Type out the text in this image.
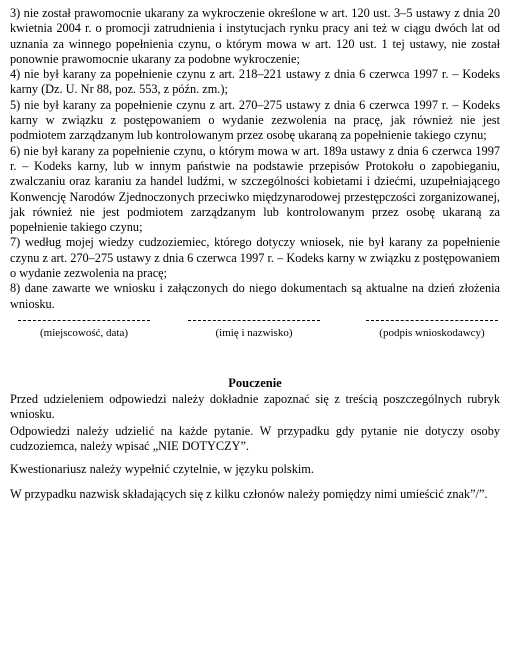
3) nie został prawomocnie ukarany za wykroczenie określone w art. 120 ust. 3–5 ustawy z dnia 20 kwietnia 2004 r. o promocji zatrudnienia i instytucjach rynku pracy ani też w ciągu dwóch lat od uznania za winnego popełnienia czynu, o którym mowa w art. 120 ust. 1 tej ustawy, nie został ponownie prawomocnie ukarany za podobne wykroczenie;

4) nie był karany za popełnienie czynu z art. 218–221 ustawy z dnia 6 czerwca 1997 r. – Kodeks karny (Dz. U. Nr 88, poz. 553, z późn. zm.);

5) nie był karany za popełnienie czynu z art. 270–275 ustawy z dnia 6 czerwca 1997 r. – Kodeks karny w związku z postępowaniem o wydanie zezwolenia na pracę, jak również nie jest podmiotem zarządzanym lub kontrolowanym przez osobę ukaraną za popełnienie takiego czynu;

6) nie był karany za popełnienie czynu, o którym mowa w art. 189a ustawy z dnia 6 czerwca 1997 r. – Kodeks karny, lub w innym państwie na podstawie przepisów Protokołu o zapobieganiu, zwalczaniu oraz karaniu za handel ludźmi, w szczególności kobietami i dziećmi, uzupełniającego Konwencję Narodów Zjednoczonych przeciwko międzynarodowej przestępczości zorganizowanej, jak również nie jest podmiotem zarządzanym lub kontrolowanym przez osobę ukaraną za popełnienie takiego czynu;

7) według mojej wiedzy cudzoziemiec, którego dotyczy wniosek, nie był karany za popełnienie czynu z art. 270–275 ustawy z dnia 6 czerwca 1997 r. – Kodeks karny w związku z postępowaniem o wydanie zezwolenia na pracę;

8) dane zawarte we wniosku i załączonych do niego dokumentach są aktualne na dzień złożenia wniosku.

(miejscowość, data)	(imię i nazwisko)	(podpis wnioskodawcy)
Pouczenie

Przed udzieleniem odpowiedzi należy dokładnie zapoznać się z treścią poszczególnych rubryk wniosku.

Odpowiedzi należy udzielić na każde pytanie. W przypadku gdy pytanie nie dotyczy osoby cudzoziemca, należy wpisać „NIE DOTYCZY”.

Kwestionariusz należy wypełnić czytelnie, w języku polskim.

W przypadku nazwisk składających się z kilku członów należy pomiędzy nimi umieścić znak”/”.
